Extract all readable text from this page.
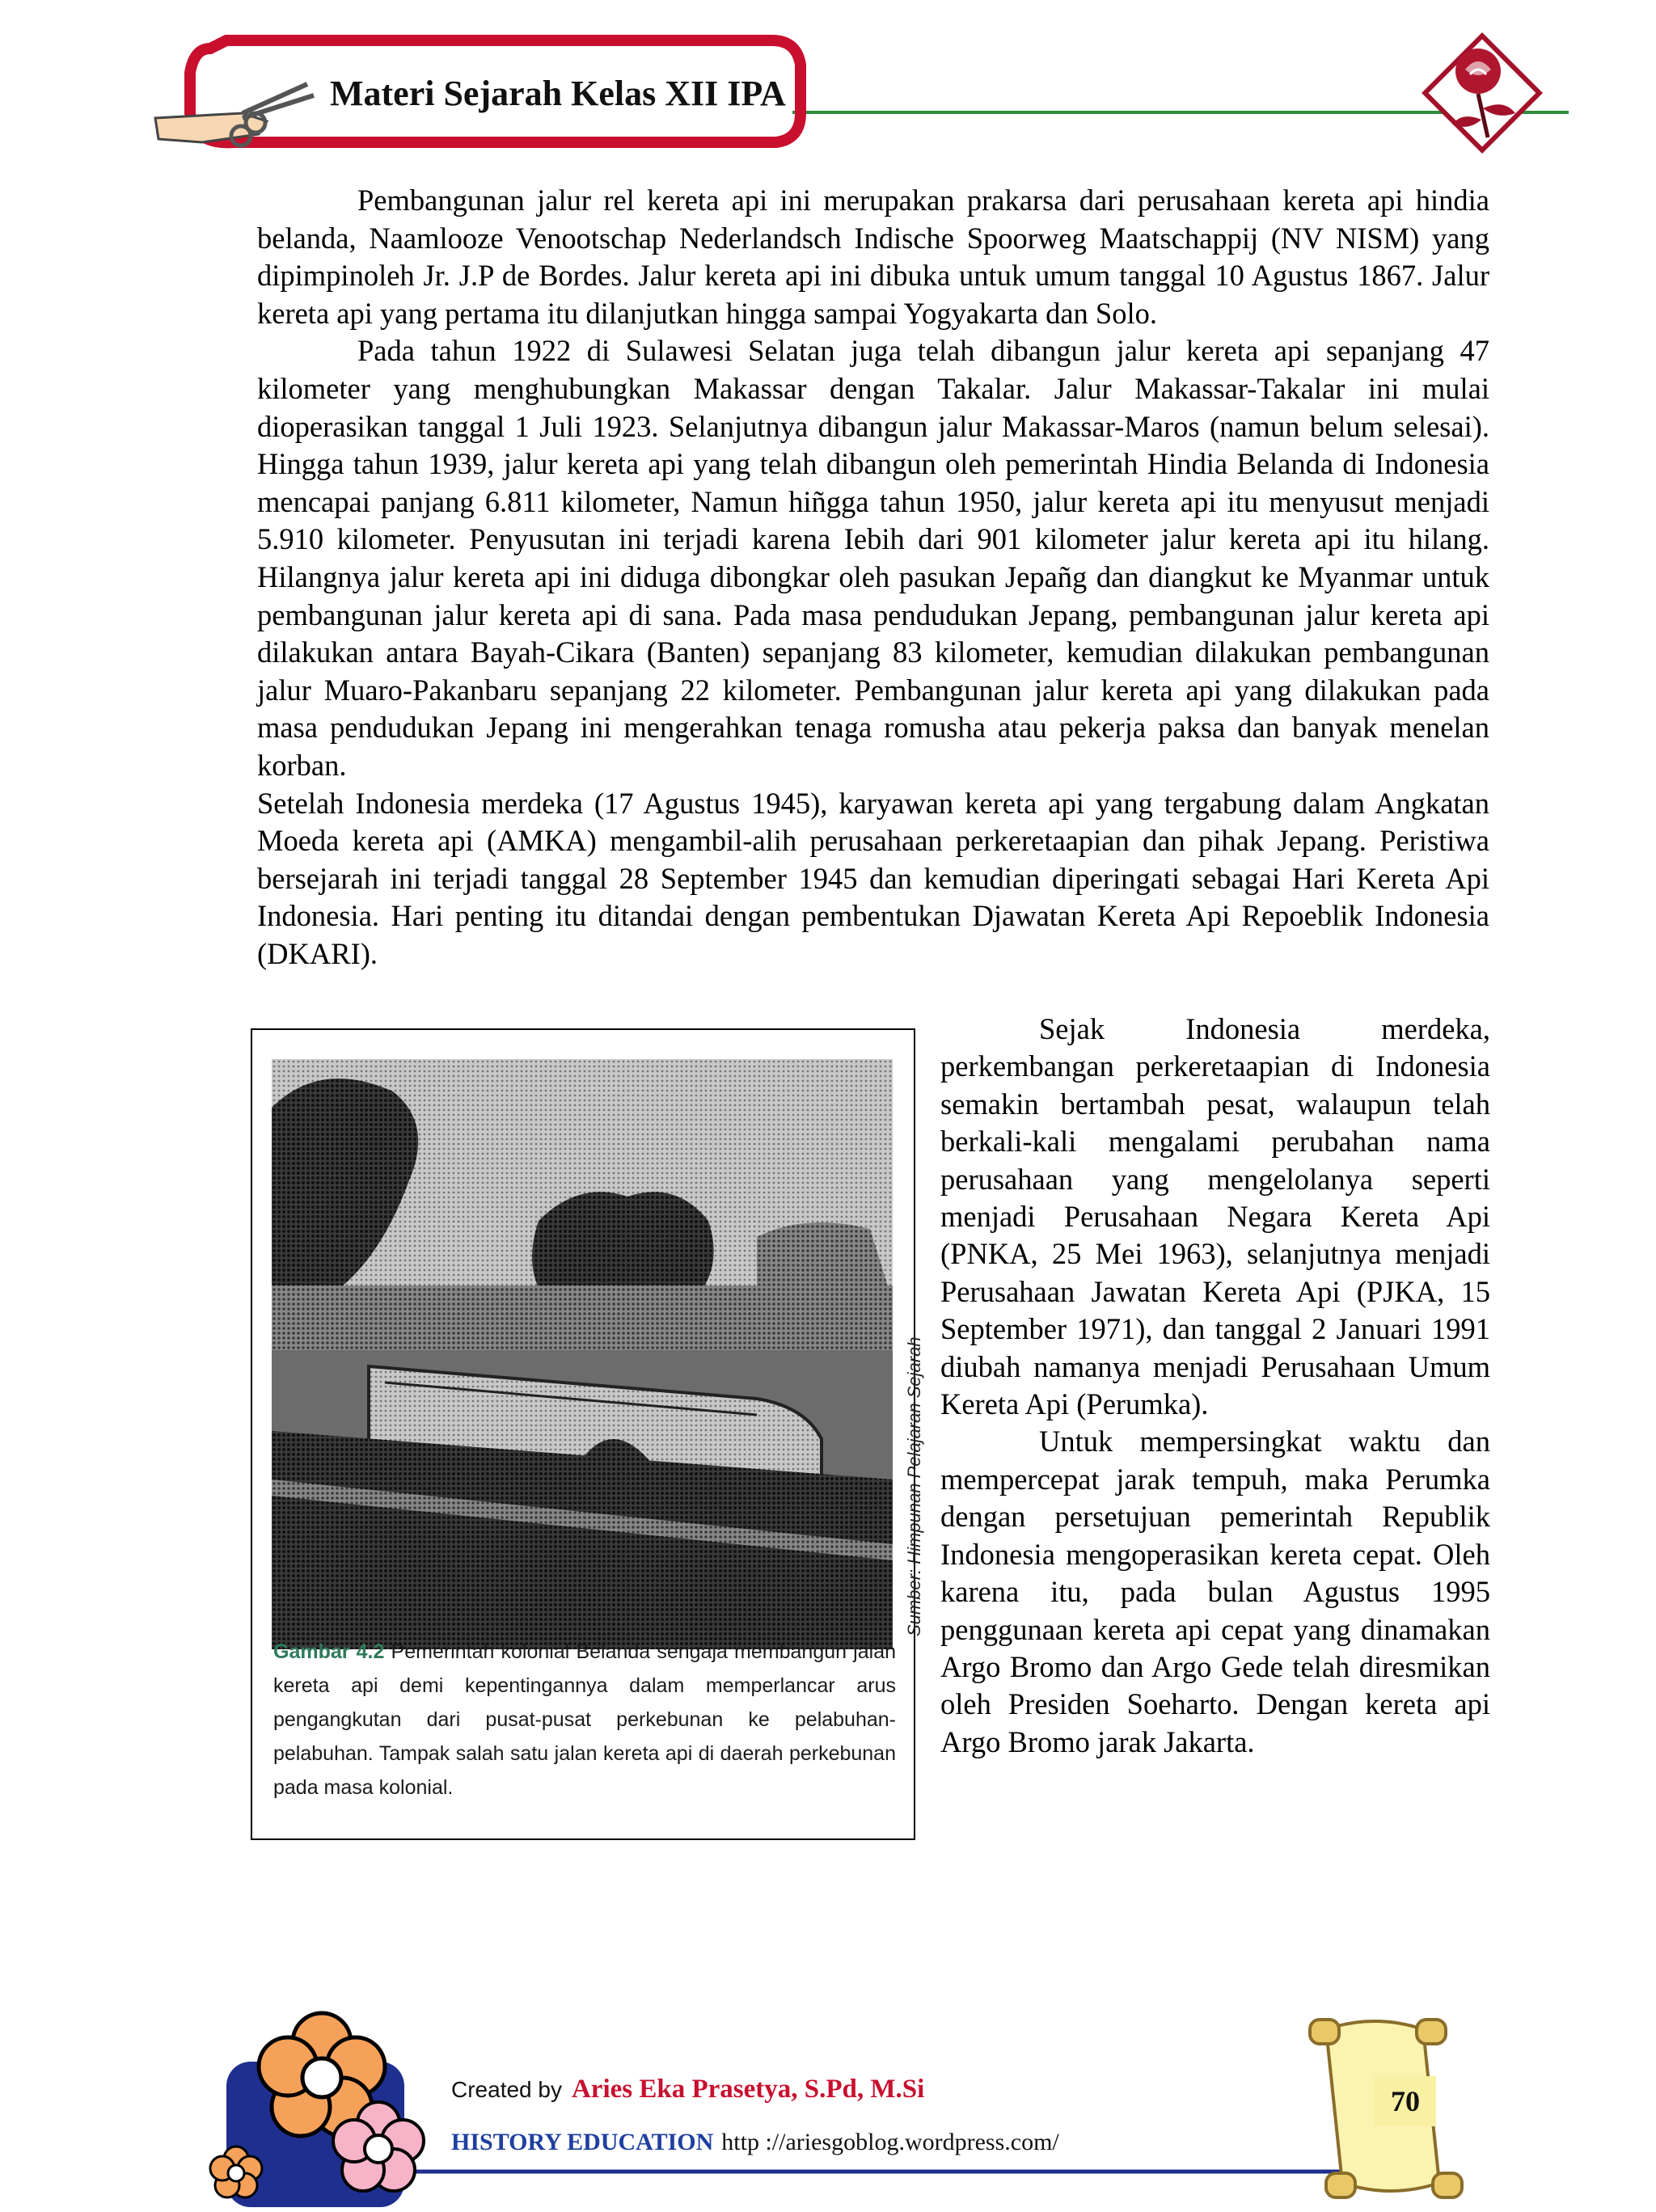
Materi Sejarah Kelas XII IPA

Pembangunan jalur rel kereta api ini merupakan prakarsa dari perusahaan kereta api hindia belanda, Naamlooze Venootschap Nederlandsch Indische Spoorweg Maatschappij (NV NISM) yang dipimpinoleh Jr. J.P de Bordes. Jalur kereta api ini dibuka untuk umum tanggal 10 Agustus 1867. Jalur kereta api yang pertama itu dilanjutkan hingga sampai Yogyakarta dan Solo.

Pada tahun 1922 di Sulawesi Selatan juga telah dibangun jalur kereta api sepanjang 47 kilometer yang menghubungkan Makassar dengan Takalar. Jalur Makassar-Takalar ini mulai dioperasikan tanggal 1 Juli 1923. Selanjutnya dibangun jalur Makassar-Maros (namun belum selesai). Hingga tahun 1939, jalur kereta api yang telah dibangun oleh pemerintah Hindia Belanda di Indonesia mencapai panjang 6.811 kilometer, Namun hiñgga tahun 1950, jalur kereta api itu menyusut menjadi 5.910 kilometer. Penyusutan ini terjadi karena Iebih dari 901 kilometer jalur kereta api itu hilang. Hilangnya jalur kereta api ini diduga dibongkar oleh pasukan Jepañg dan diangkut ke Myanmar untuk pembangunan jalur kereta api di sana. Pada masa pendudukan Jepang, pembangunan jalur kereta api dilakukan antara Bayah-Cikara (Banten) sepanjang 83 kilometer, kemudian dilakukan pembangunan jalur Muaro-Pakanbaru sepanjang 22 kilometer. Pembangunan jalur kereta api yang dilakukan pada masa pendudukan Jepang ini mengerahkan tenaga romusha atau pekerja paksa dan banyak menelan korban.

Setelah Indonesia merdeka (17 Agustus 1945), karyawan kereta api yang tergabung dalam Angkatan Moeda kereta api (AMKA) mengambil-alih perusahaan perkeretaapian dan pihak Jepang. Peristiwa bersejarah ini terjadi tanggal 28 September 1945 dan kemudian diperingati sebagai Hari Kereta Api Indonesia. Hari penting itu ditandai dengan pembentukan Djawatan Kereta Api Repoeblik Indonesia (DKARI).

Sumber: Himpunan Pelajaran Sejarah
Gambar 4.2 Pemerintah kolonial Belanda sengaja membangun jalan kereta api demi kepentingannya dalam memperlancar arus pengangkutan dari pusat-pusat perkebunan ke pelabuhan-pelabuhan. Tampak salah satu jalan kereta api di daerah perkebunan pada masa kolonial.

Sejak Indonesia merdeka, perkembangan perkeretaapian di Indonesia semakin bertambah pesat, walaupun telah berkali-kali mengalami perubahan nama perusahaan yang mengelolanya seperti menjadi Perusahaan Negara Kereta Api (PNKA, 25 Mei 1963), selanjutnya menjadi Perusahaan Jawatan Kereta Api (PJKA, 15 September 1971), dan tanggal 2 Januari 1991 diubah namanya menjadi Perusahaan Umum Kereta Api (Perumka).

Untuk mempersingkat waktu dan mempercepat jarak tempuh, maka Perumka dengan persetujuan pemerintah Republik Indonesia mengoperasikan kereta cepat. Oleh karena itu, pada bulan Agustus 1995 penggunaan kereta api cepat yang dinamakan Argo Bromo dan Argo Gede telah diresmikan oleh Presiden Soeharto. Dengan kereta api Argo Bromo jarak Jakarta.

Created by Aries Eka Prasetya, S.Pd, M.Si
HISTORY EDUCATION http ://ariesgoblog.wordpress.com/
70
